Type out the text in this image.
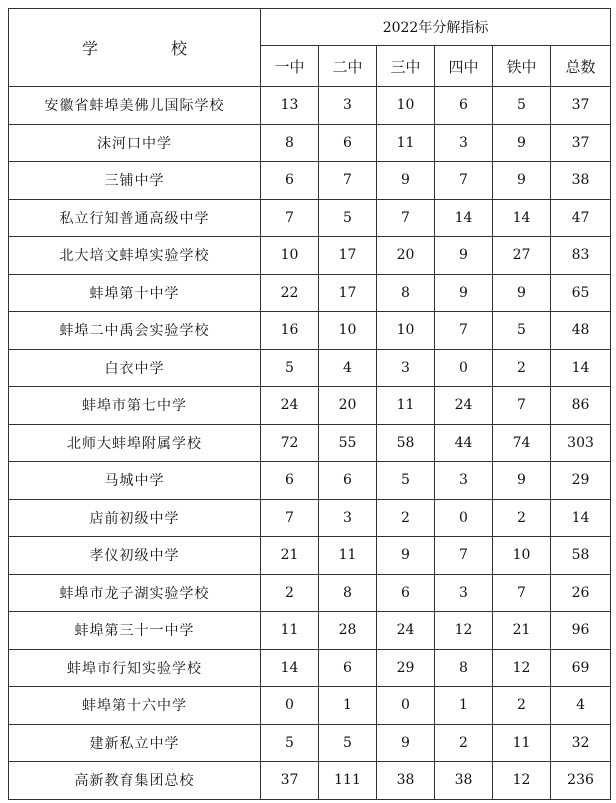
学 校	2022年分解指标					
	一中	二中	三中	四中	铁中	总数
安徽省蚌埠美佛儿国际学校	13	3	10	6	5	37
沫河口中学	8	6	11	3	9	37
三铺中学	6	7	9	7	9	38
私立行知普通高级中学	7	5	7	14	14	47
北大培文蚌埠实验学校	10	17	20	9	27	83
蚌埠第十中学	22	17	8	9	9	65
蚌埠二中禹会实验学校	16	10	10	7	5	48
白衣中学	5	4	3	0	2	14
蚌埠市第七中学	24	20	11	24	7	86
北师大蚌埠附属学校	72	55	58	44	74	303
马城中学	6	6	5	3	9	29
店前初级中学	7	3	2	0	2	14
孝仪初级中学	21	11	9	7	10	58
蚌埠市龙子湖实验学校	2	8	6	3	7	26
蚌埠第三十一中学	11	28	24	12	21	96
蚌埠市行知实验学校	14	6	29	8	12	69
蚌埠第十六中学	0	1	0	1	2	4
建新私立中学	5	5	9	2	11	32
高新教育集团总校	37	111	38	38	12	236
